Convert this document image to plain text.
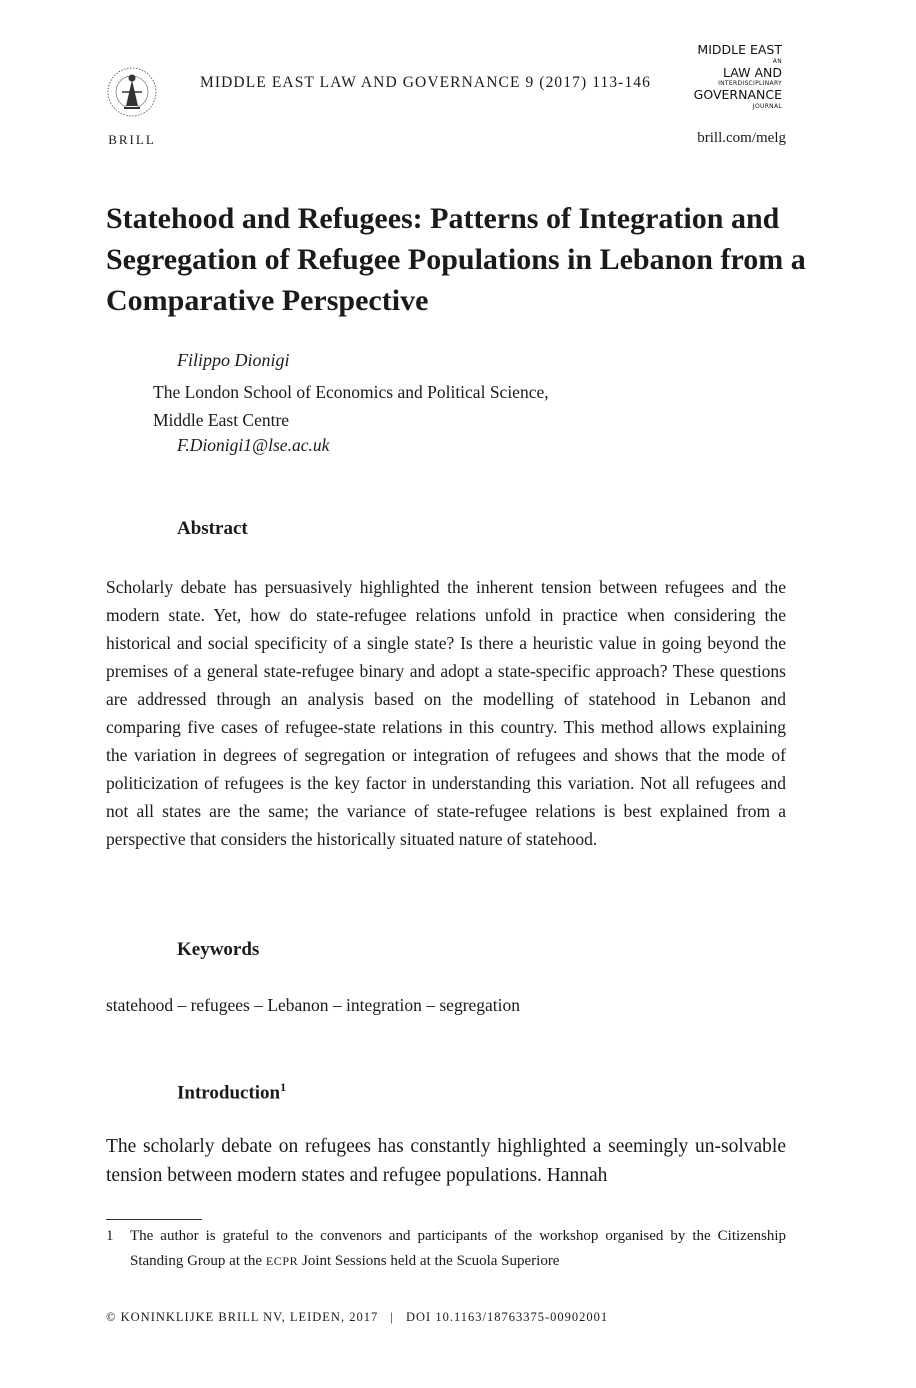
BRILL
MIDDLE EAST LAW AND GOVERNANCE 9 (2017) 113-146
MIDDLE EAST
AN
LAW AND
INTERDISCIPLINARY
GOVERNANCE
JOURNAL
brill.com/melg
Statehood and Refugees: Patterns of Integration and Segregation of Refugee Populations in Lebanon from a Comparative Perspective
Filippo Dionigi
The London School of Economics and Political Science,
Middle East Centre
F.Dionigi1@lse.ac.uk
Abstract
Scholarly debate has persuasively highlighted the inherent tension between refugees and the modern state. Yet, how do state-refugee relations unfold in practice when considering the historical and social specificity of a single state? Is there a heuristic value in going beyond the premises of a general state-refugee binary and adopt a state-specific approach? These questions are addressed through an analysis based on the modelling of statehood in Lebanon and comparing five cases of refugee-state relations in this country. This method allows explaining the variation in degrees of segregation or integration of refugees and shows that the mode of politicization of refugees is the key factor in understanding this variation. Not all refugees and not all states are the same; the variance of state-refugee relations is best explained from a perspective that considers the historically situated nature of statehood.
Keywords
statehood – refugees – Lebanon – integration – segregation
Introduction$^1$
The scholarly debate on refugees has constantly highlighted a seemingly un-solvable tension between modern states and refugee populations. Hannah
1 The author is grateful to the convenors and participants of the workshop organised by the Citizenship Standing Group at the ECPR Joint Sessions held at the Scuola Superiore
© KONINKLIJKE BRILL NV, LEIDEN, 2017 | DOI 10.1163/18763375-00902001
